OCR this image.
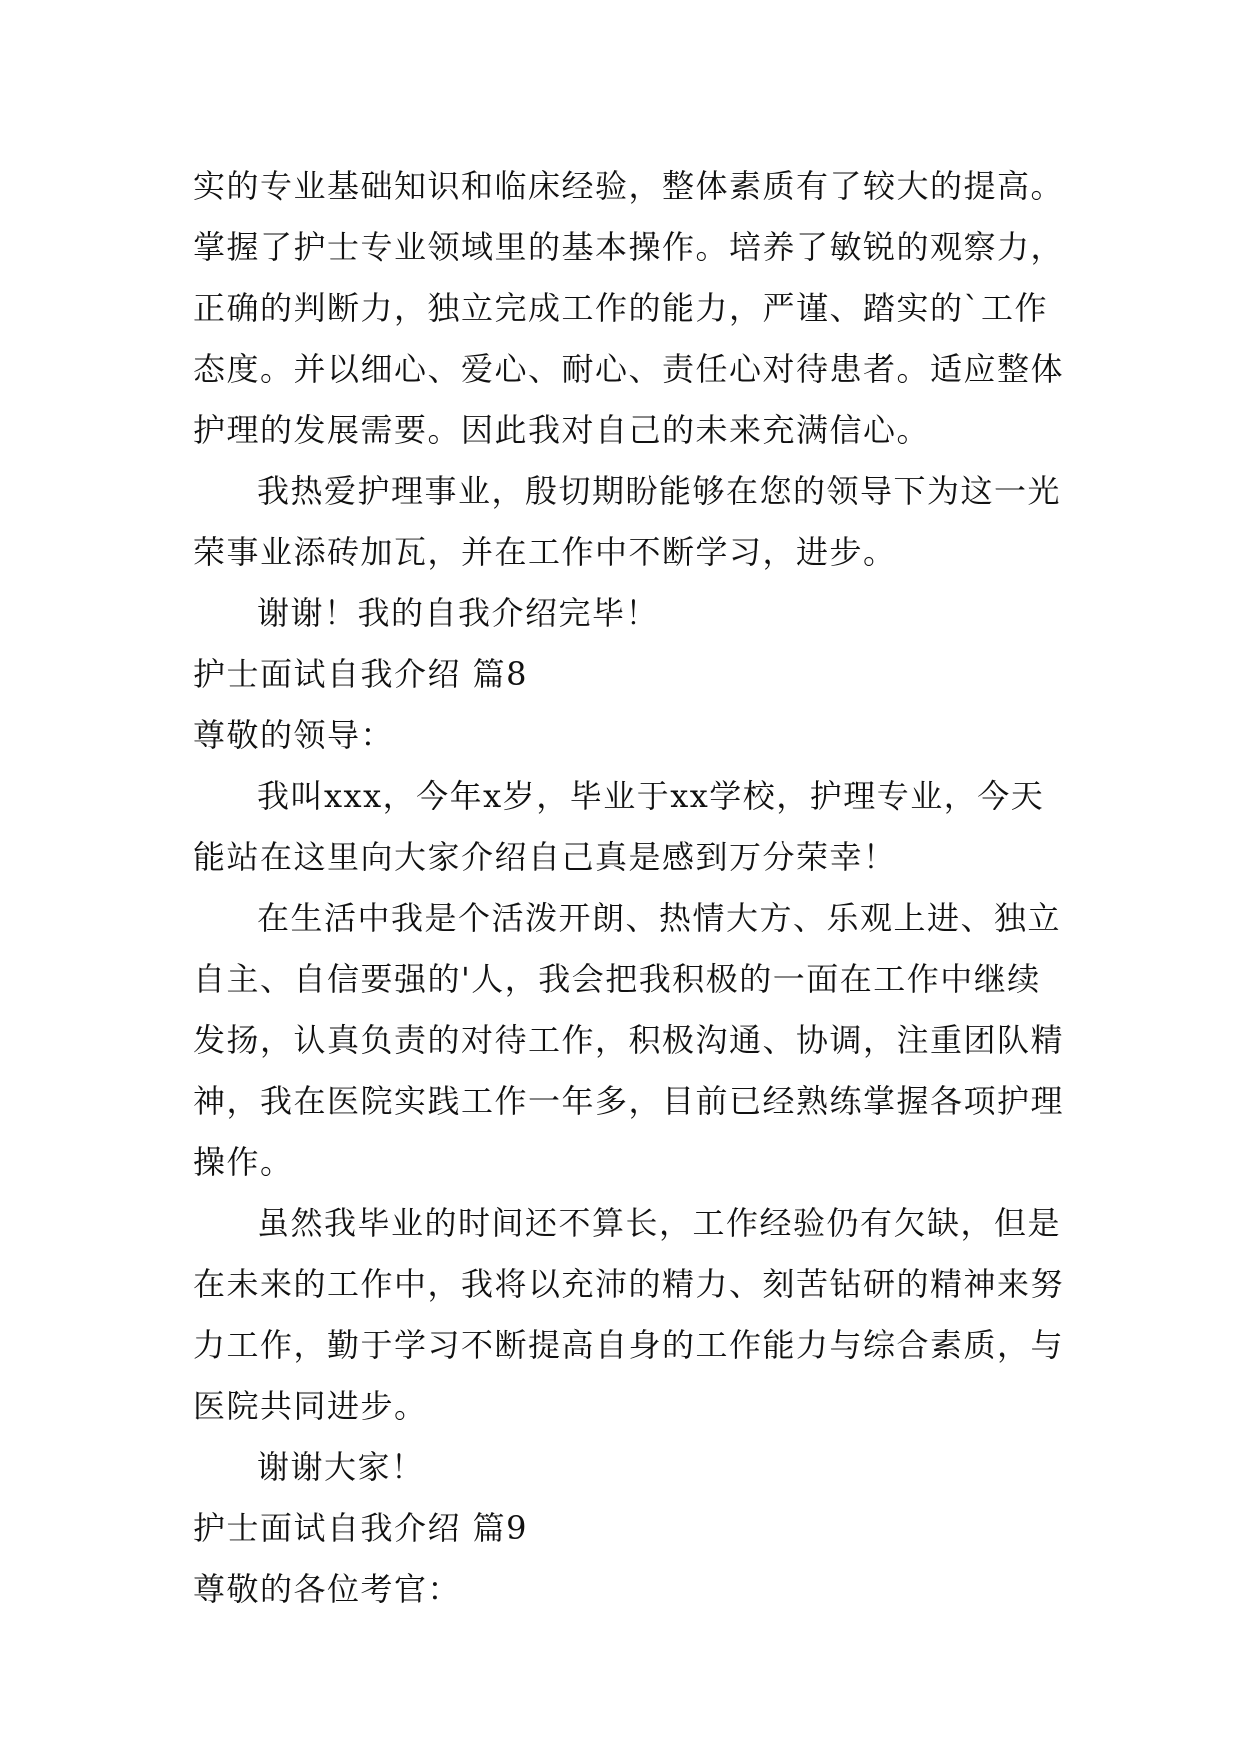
实的专业基础知识和临床经验，整体素质有了较大的提高。
掌握了护士专业领域里的基本操作。培养了敏锐的观察力，
正确的判断力，独立完成工作的能力，严谨、踏实的`工作
态度。并以细心、爱心、耐心、责任心对待患者。适应整体
护理的发展需要。因此我对自己的未来充满信心。
我热爱护理事业，殷切期盼能够在您的领导下为这一光
荣事业添砖加瓦，并在工作中不断学习，进步。
谢谢！我的自我介绍完毕！
护士面试自我介绍 篇8
尊敬的领导：
我叫xxx，今年x岁，毕业于xx学校，护理专业，今天
能站在这里向大家介绍自己真是感到万分荣幸！
在生活中我是个活泼开朗、热情大方、乐观上进、独立
自主、自信要强的'人，我会把我积极的一面在工作中继续
发扬，认真负责的对待工作，积极沟通、协调，注重团队精
神，我在医院实践工作一年多，目前已经熟练掌握各项护理
操作。
虽然我毕业的时间还不算长，工作经验仍有欠缺，但是
在未来的工作中，我将以充沛的精力、刻苦钻研的精神来努
力工作，勤于学习不断提高自身的工作能力与综合素质，与
医院共同进步。
谢谢大家！
护士面试自我介绍 篇9
尊敬的各位考官：
